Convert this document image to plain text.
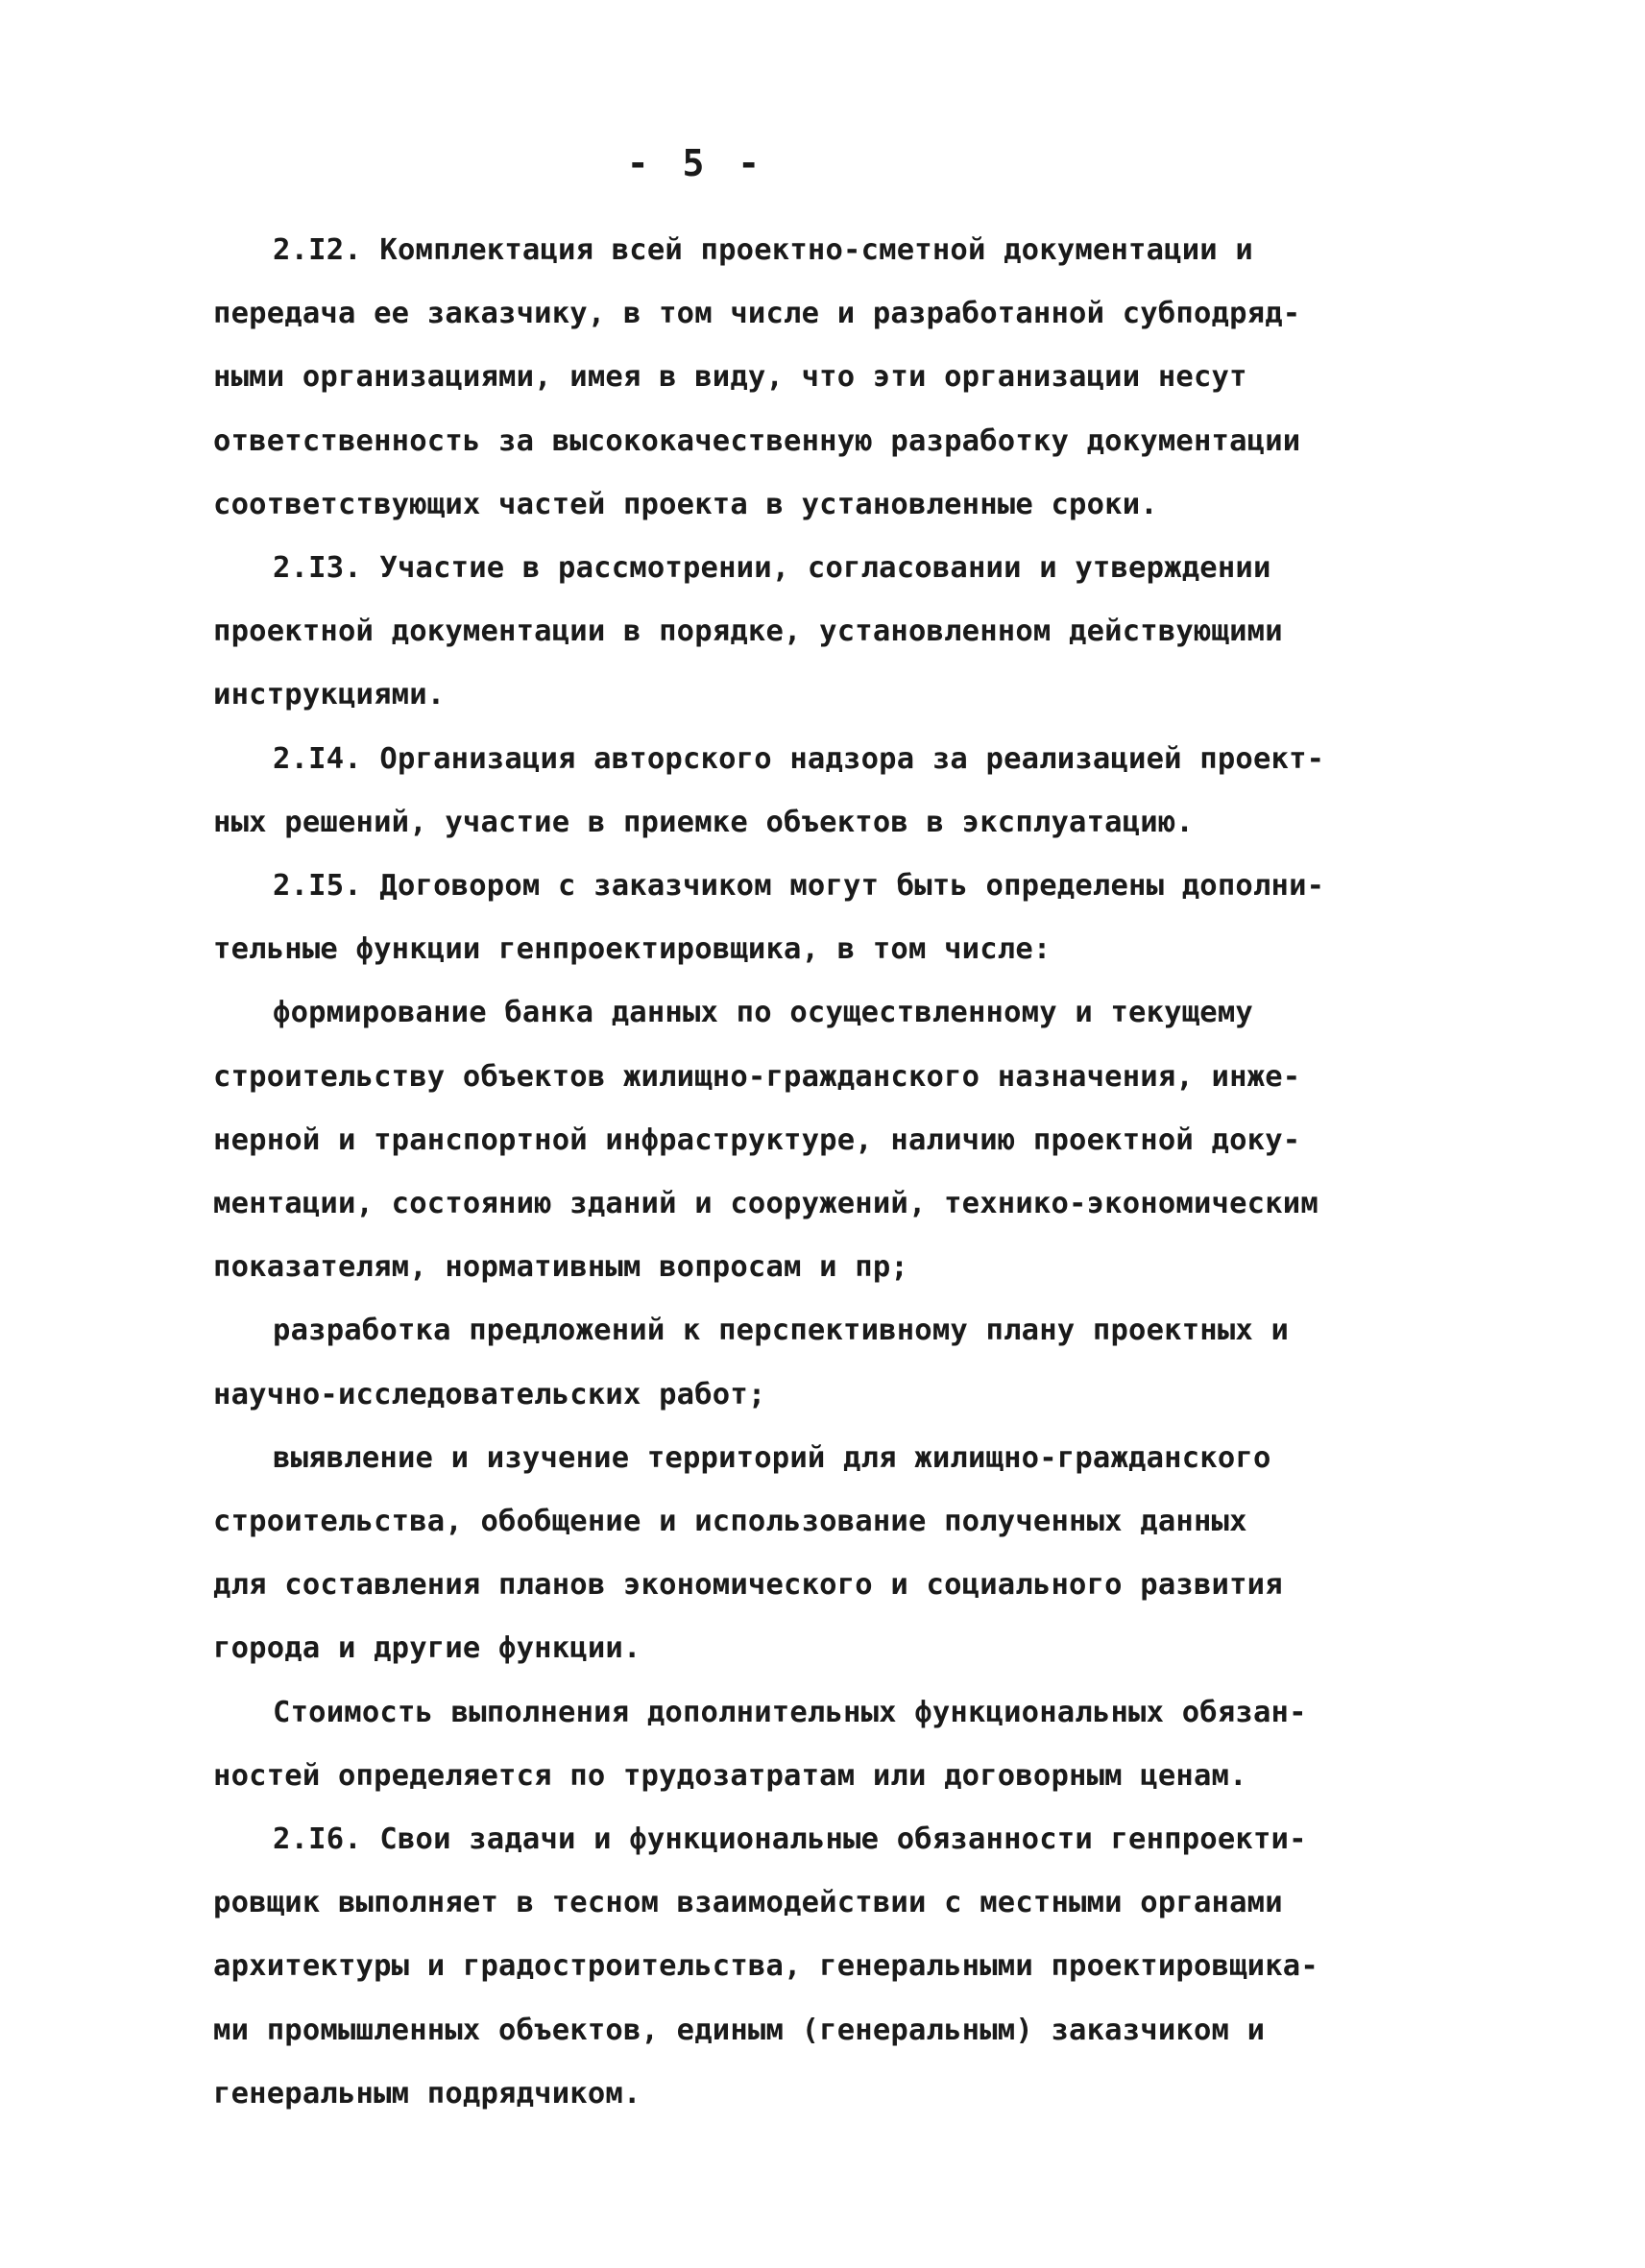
- 5 -
2.I2. Комплектация всей проектно-сметной документации и
передача ее заказчику, в том числе и разработанной субподряд-
ными организациями, имея в виду, что эти организации несут
ответственность за высококачественную разработку документации
соответствующих частей проекта в установленные сроки.
2.I3. Участие в рассмотрении, согласовании и утверждении
проектной документации в порядке, установленном действующими
инструкциями.
2.I4. Организация авторского надзора за реализацией проект-
ных решений, участие в приемке объектов в эксплуатацию.
2.I5. Договором с заказчиком могут быть определены дополни-
тельные функции генпроектировщика, в том числе:
формирование банка данных по осуществленному и текущему
строительству объектов жилищно-гражданского назначения, инже-
нерной и транспортной инфраструктуре, наличию проектной доку-
ментации, состоянию зданий и сооружений, технико-экономическим
показателям, нормативным вопросам и пр;
разработка предложений к перспективному плану проектных и
научно-исследовательских работ;
выявление и изучение территорий для жилищно-гражданского
строительства, обобщение и использование полученных данных
для составления планов экономического и социального развития
города и другие функции.
Стоимость выполнения дополнительных функциональных обязан-
ностей определяется по трудозатратам или договорным ценам.
2.I6. Свои задачи и функциональные обязанности генпроекти-
ровщик выполняет в тесном взаимодействии с местными органами
архитектуры и градостроительства, генеральными проектировщика-
ми промышленных объектов, единым (генеральным) заказчиком и
генеральным подрядчиком.
